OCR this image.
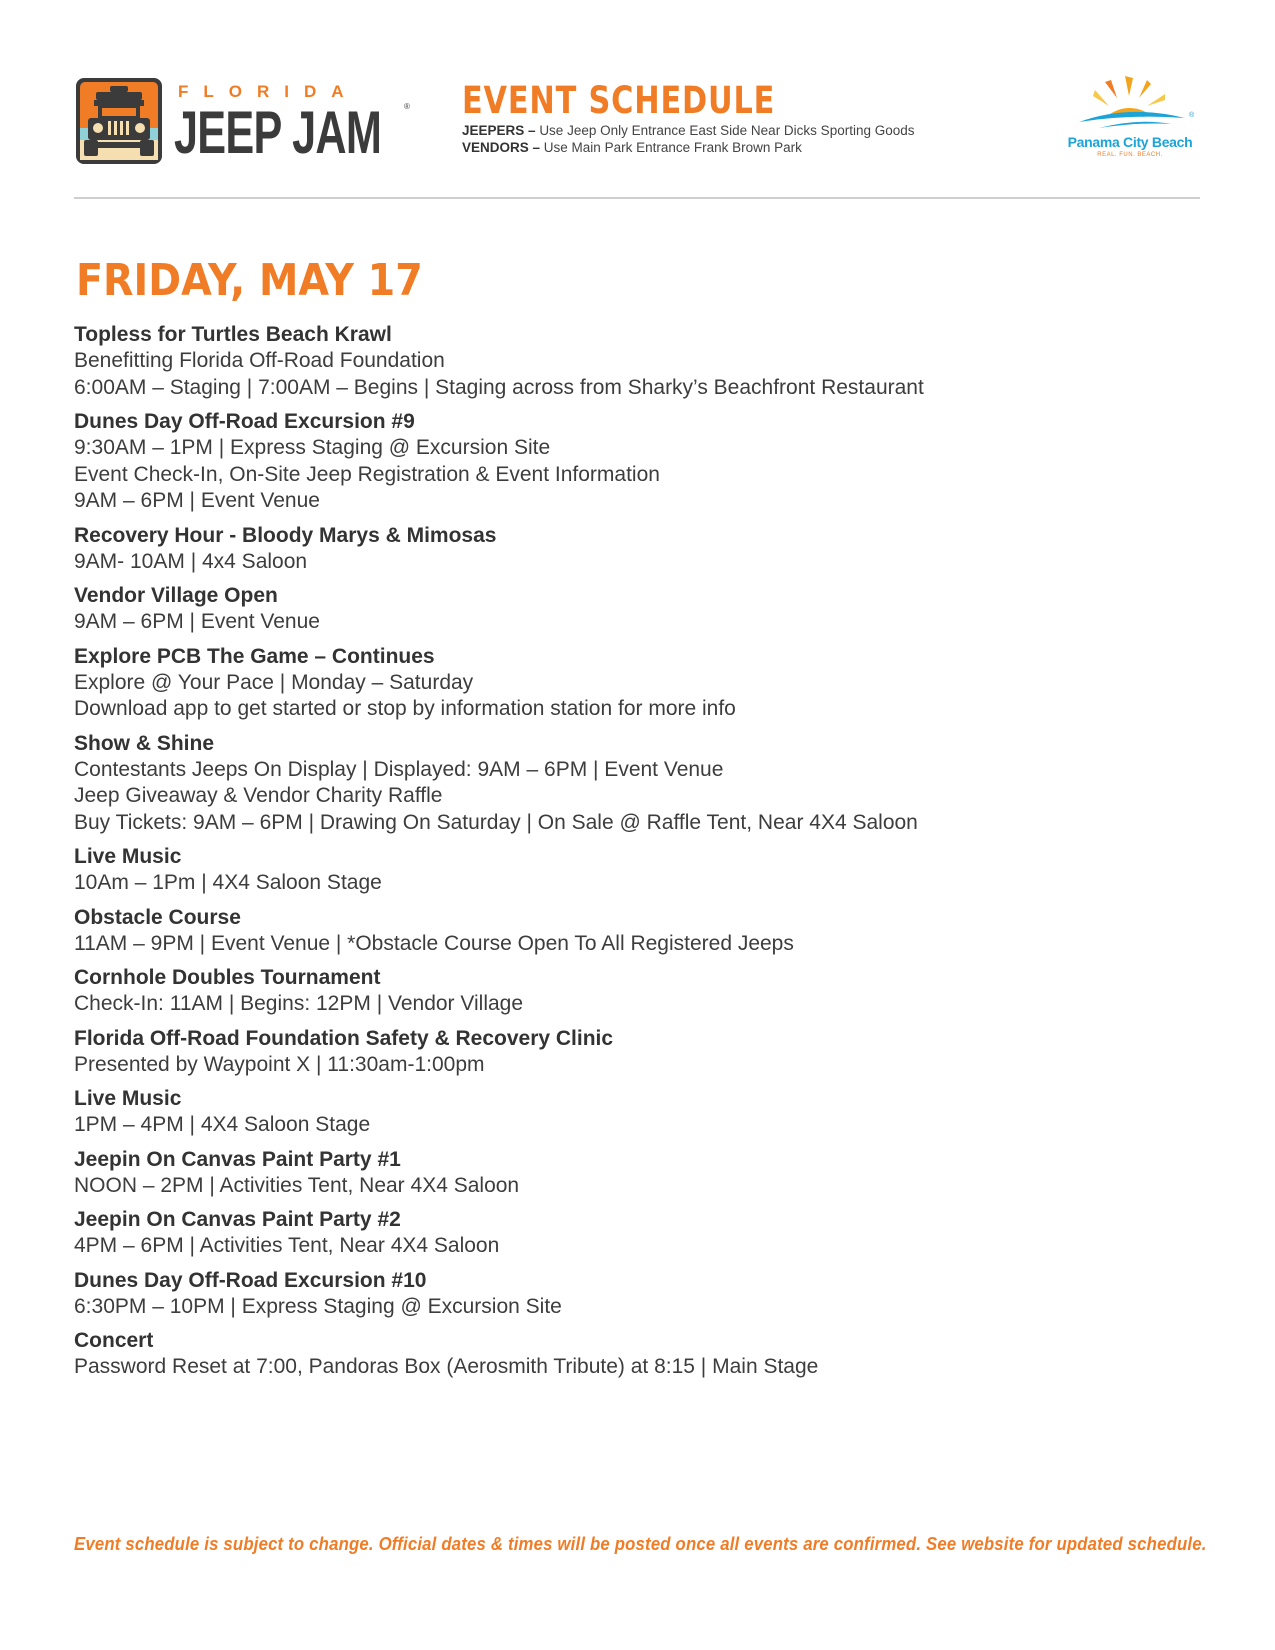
FLORIDA
JEEP JAM	® EVENT SCHEDULE
JEEPERS – Use Jeep Only Entrance East Side Near Dicks Sporting Goods
VENDORS – Use Main Park Entrance Frank Brown Park
®
Panama City Beach
REAL. FUN. BEACH.
FRIDAY, MAY 17
Topless for Turtles Beach Krawl
Benefitting Florida Off-Road Foundation
6:00AM – Staging | 7:00AM – Begins | Staging across from Sharky’s Beachfront Restaurant
Dunes Day Off-Road Excursion #9
9:30AM – 1PM | Express Staging @ Excursion Site
Event Check-In, On-Site Jeep Registration & Event Information
9AM – 6PM | Event Venue
Recovery Hour - Bloody Marys & Mimosas
9AM- 10AM | 4x4 Saloon
Vendor Village Open
9AM – 6PM | Event Venue
Explore PCB The Game – Continues
Explore @ Your Pace | Monday – Saturday
Download app to get started or stop by information station for more info
Show & Shine
Contestants Jeeps On Display | Displayed: 9AM – 6PM | Event Venue
Jeep Giveaway & Vendor Charity Raffle
Buy Tickets: 9AM – 6PM | Drawing On Saturday | On Sale @ Raffle Tent, Near 4X4 Saloon
Live Music
10Am – 1Pm | 4X4 Saloon Stage
Obstacle Course
11AM – 9PM | Event Venue | *Obstacle Course Open To All Registered Jeeps
Cornhole Doubles Tournament
Check-In: 11AM | Begins: 12PM | Vendor Village
Florida Off-Road Foundation Safety & Recovery Clinic
Presented by Waypoint X | 11:30am-1:00pm
Live Music
1PM – 4PM | 4X4 Saloon Stage
Jeepin On Canvas Paint Party #1
NOON – 2PM | Activities Tent, Near 4X4 Saloon
Jeepin On Canvas Paint Party #2
4PM – 6PM | Activities Tent, Near 4X4 Saloon
Dunes Day Off-Road Excursion #10
6:30PM – 10PM | Express Staging @ Excursion Site
Concert
Password Reset at 7:00, Pandoras Box (Aerosmith Tribute) at 8:15 | Main Stage
Event schedule is subject to change. Official dates & times will be posted once all events are confirmed. See website for updated schedule.
